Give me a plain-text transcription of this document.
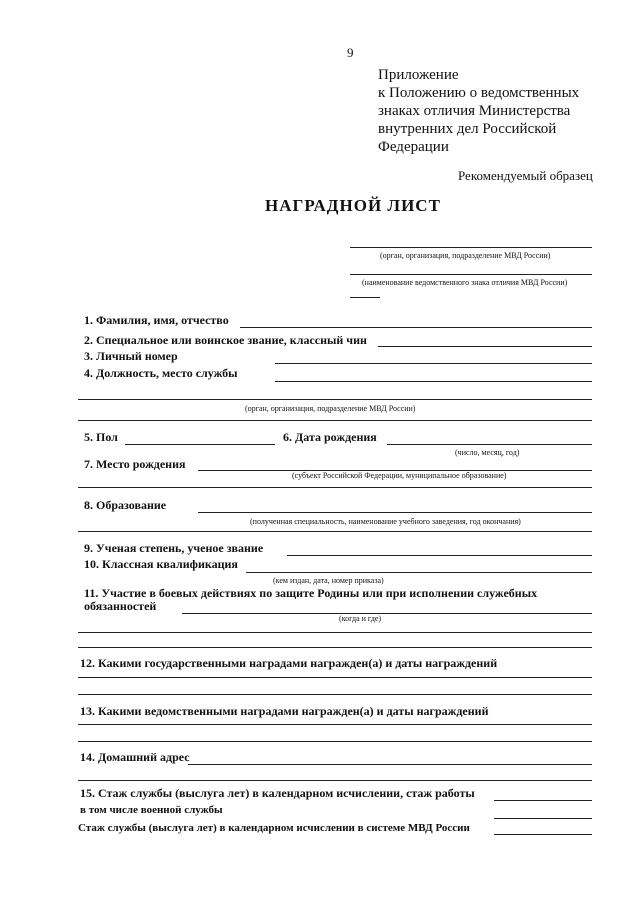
9
Приложение
к Положению о ведомственных
знаках отличия Министерства
внутренних дел Российской
Федерации
Рекомендуемый образец
НАГРАДНОЙ ЛИСТ
(орган, организация, подразделение МВД России)
(наименование ведомственного знака отличия МВД России)
1. Фамилия, имя, отчество
2. Специальное или воинское звание, классный чин
3. Личный номер
4. Должность, место службы
(орган, организация, подразделение МВД России)
5. Пол	6. Дата рождения
(число, месяц, год)
7. Место рождения
(субъект Российской Федерации, муниципальное образование)
8. Образование
(полученная специальность, наименование учебного заведения, год окончания)
9. Ученая степень, ученое звание
10. Классная квалификация
(кем издан, дата, номер приказа)
11. Участие в боевых действиях по защите Родины или при исполнении служебных
обязанностей
(когда и где)
12. Какими государственными наградами награжден(а) и даты награждений
13. Какими ведомственными наградами награжден(а) и даты награждений
14. Домашний адрес
15. Стаж службы (выслуга лет) в календарном исчислении, стаж работы
в том числе военной службы
Стаж службы (выслуга лет) в календарном исчислении в системе МВД России
